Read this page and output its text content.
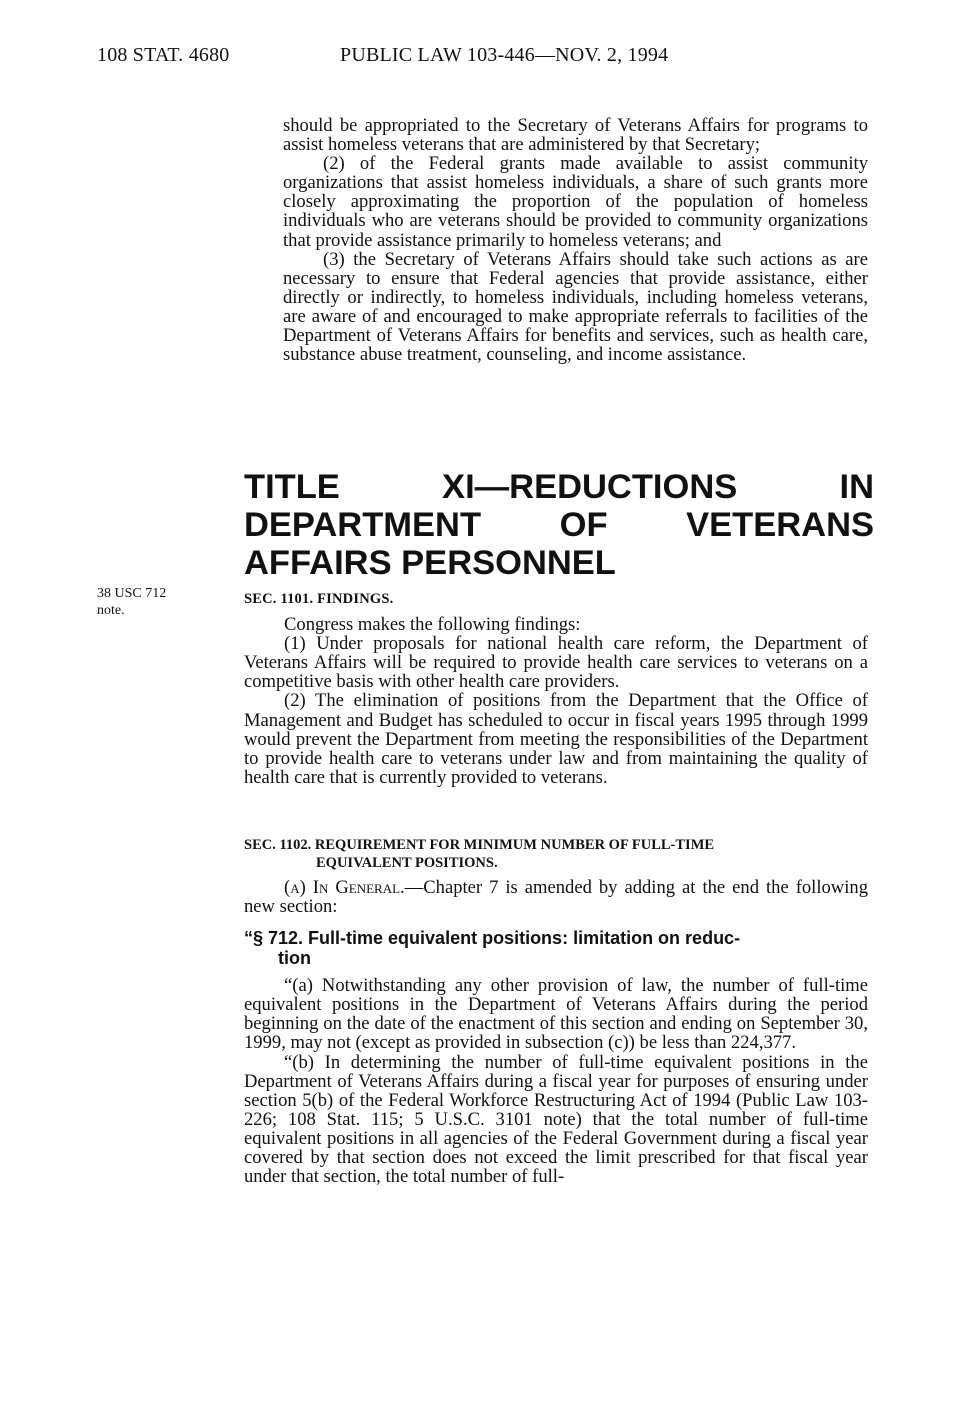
108 STAT. 4680	PUBLIC LAW 103-446—NOV. 2, 1994

should be appropriated to the Secretary of Veterans Affairs for programs to assist homeless veterans that are administered by that Secretary;

(2) of the Federal grants made available to assist community organizations that assist homeless individuals, a share of such grants more closely approximating the proportion of the population of homeless individuals who are veterans should be provided to community organizations that provide assistance primarily to homeless veterans; and

(3) the Secretary of Veterans Affairs should take such actions as are necessary to ensure that Federal agencies that provide assistance, either directly or indirectly, to homeless individuals, including homeless veterans, are aware of and encouraged to make appropriate referrals to facilities of the Department of Veterans Affairs for benefits and services, such as health care, substance abuse treatment, counseling, and income assistance.

TITLE XI—REDUCTIONS IN DEPARTMENT OF VETERANS AFFAIRS PERSONNEL
38 USC 712
note.

SEC. 1101. FINDINGS.

Congress makes the following findings:

(1) Under proposals for national health care reform, the Department of Veterans Affairs will be required to provide health care services to veterans on a competitive basis with other health care providers.

(2) The elimination of positions from the Department that the Office of Management and Budget has scheduled to occur in fiscal years 1995 through 1999 would prevent the Department from meeting the responsibilities of the Department to provide health care to veterans under law and from maintaining the quality of health care that is currently provided to veterans.

SEC. 1102. REQUIREMENT FOR MINIMUM NUMBER OF FULL-TIME
EQUIVALENT POSITIONS.

(a) In General.—Chapter 7 is amended by adding at the end the following new section:

“§ 712. Full-time equivalent positions: limitation on reduc-
tion

“(a) Notwithstanding any other provision of law, the number of full-time equivalent positions in the Department of Veterans Affairs during the period beginning on the date of the enactment of this section and ending on September 30, 1999, may not (except as provided in subsection (c)) be less than 224,377.

“(b) In determining the number of full-time equivalent positions in the Department of Veterans Affairs during a fiscal year for purposes of ensuring under section 5(b) of the Federal Workforce Restructuring Act of 1994 (Public Law 103-226; 108 Stat. 115; 5 U.S.C. 3101 note) that the total number of full-time equivalent positions in all agencies of the Federal Government during a fiscal year covered by that section does not exceed the limit prescribed for that fiscal year under that section, the total number of full-
